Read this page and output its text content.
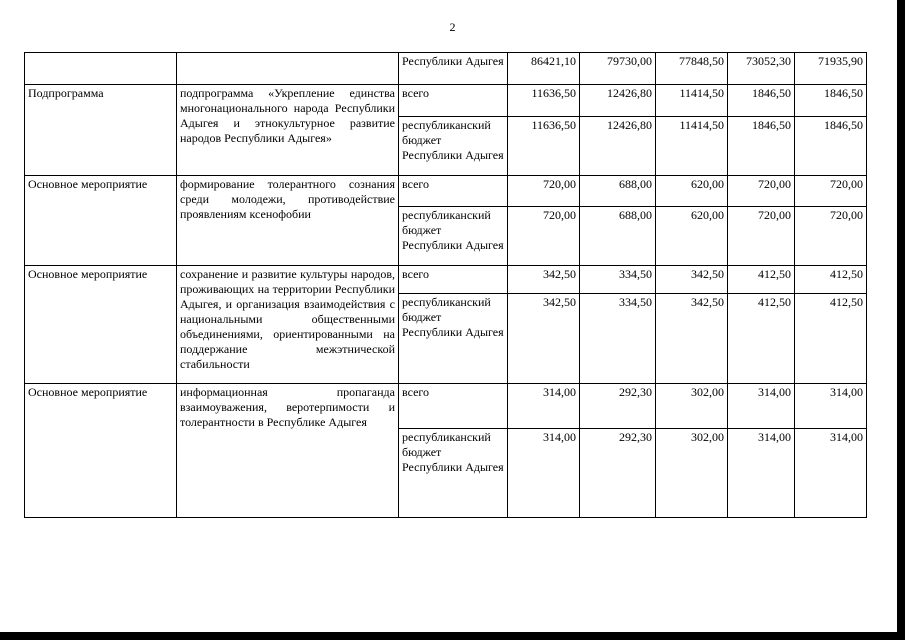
2
		Республики Адыгея	86421,10	79730,00	77848,50	73052,30	71935,90
Подпрограмма	подпрограмма «Укрепление единства многонационального народа Республики Адыгея и этнокультурное развитие народов Республики Адыгея»	всего	11636,50	12426,80	11414,50	1846,50	1846,50
		республиканский бюджет Республики Адыгея	11636,50	12426,80	11414,50	1846,50	1846,50
Основное мероприятие	формирование толерантного сознания среди молодежи, противодействие проявлениям ксенофобии	всего	720,00	688,00	620,00	720,00	720,00
		республиканский бюджет Республики Адыгея	720,00	688,00	620,00	720,00	720,00
Основное мероприятие	сохранение и развитие культуры народов, проживающих на территории Республики Адыгея, и организация взаимодействия с национальными общественными объединениями, ориентированными на поддержание межэтнической стабильности	всего	342,50	334,50	342,50	412,50	412,50
		республиканский бюджет Республики Адыгея	342,50	334,50	342,50	412,50	412,50
Основное мероприятие	информационная пропаганда взаимоуважения, веротерпимости и толерантности в Республике Адыгея	всего	314,00	292,30	302,00	314,00	314,00
		республиканский бюджет Республики Адыгея	314,00	292,30	302,00	314,00	314,00
